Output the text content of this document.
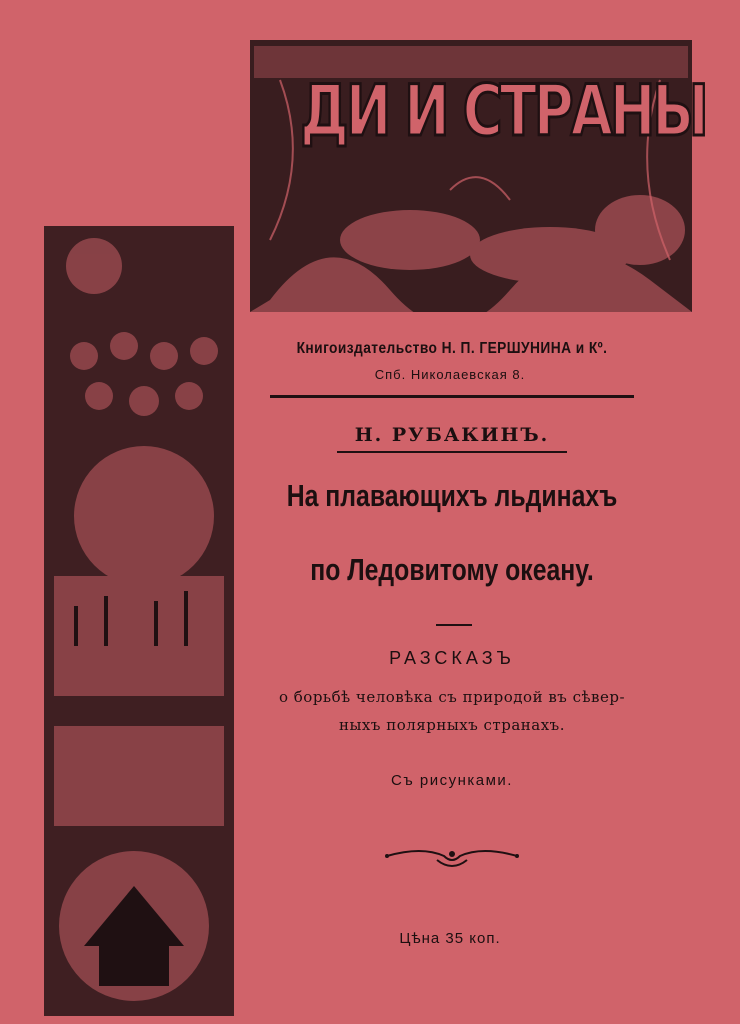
ДИ И СТРАНЫ
Книгоиздательство Н. П. ГЕРШУНИНА и Кº.
Спб. Николаевская 8.
Н. РУБАКИНЪ.
На плавающихъ льдинахъ
по Ледовитому океану.
РАЗСКАЗЪ
о борьбѣ человѣка съ природой въ сѣвер-
ныхъ полярныхъ странахъ.
Съ рисунками.
Цѣна 35 коп.
